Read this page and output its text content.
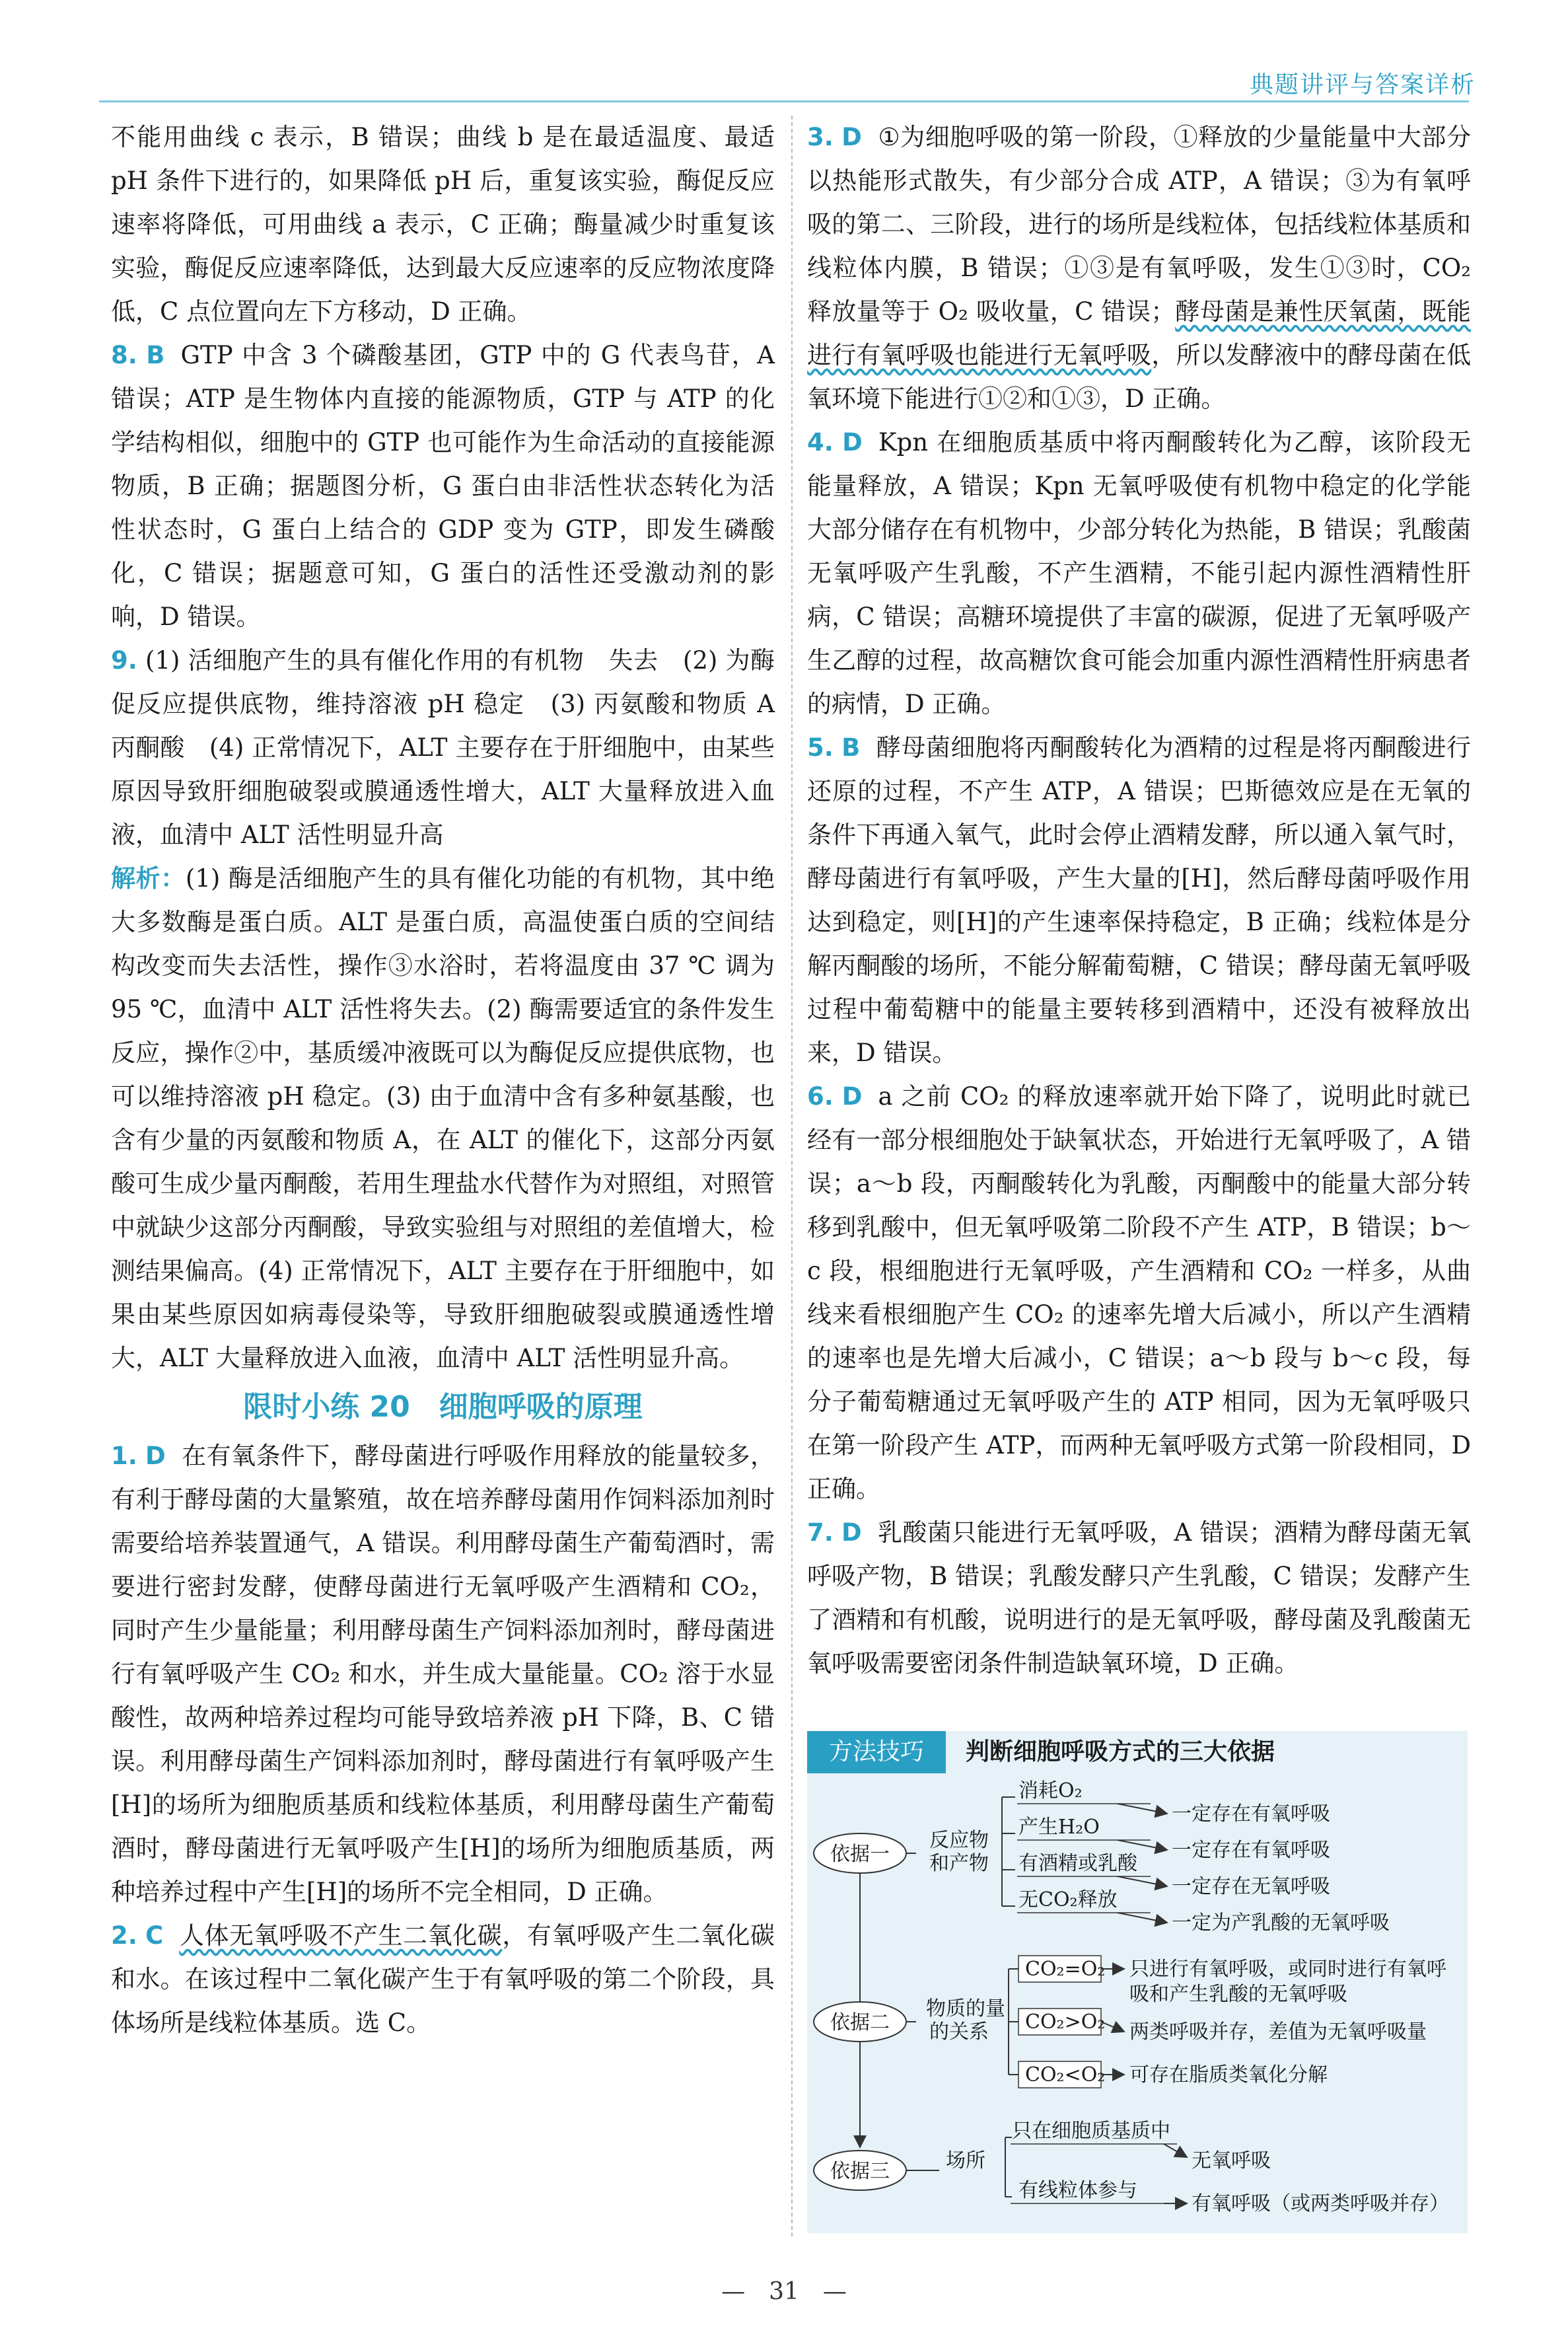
典题讲评与答案详析

不能用曲线 c 表示，B 错误；曲线 b 是在最适温度、最适 pH 条件下进行的，如果降低 pH 后，重复该实验，酶促反应速率将降低，可用曲线 a 表示，C 正确；酶量减少时重复该实验，酶促反应速率降低，达到最大反应速率的反应物浓度降低，C 点位置向左下方移动，D 正确。

8. B GTP 中含 3 个磷酸基团，GTP 中的 G 代表鸟苷，A 错误；ATP 是生物体内直接的能源物质，GTP 与 ATP 的化学结构相似，细胞中的 GTP 也可能作为生命活动的直接能源物质，B 正确；据题图分析，G 蛋白由非活性状态转化为活性状态时，G 蛋白上结合的 GDP 变为 GTP，即发生磷酸化，C 错误；据题意可知，G 蛋白的活性还受激动剂的影响，D 错误。

9. (1) 活细胞产生的具有催化作用的有机物　失去　(2) 为酶促反应提供底物，维持溶液 pH 稳定　(3) 丙氨酸和物质 A　丙酮酸　(4) 正常情况下，ALT 主要存在于肝细胞中，由某些原因导致肝细胞破裂或膜通透性增大，ALT 大量释放进入血液，血清中 ALT 活性明显升高

解析：(1) 酶是活细胞产生的具有催化功能的有机物，其中绝大多数酶是蛋白质。ALT 是蛋白质，高温使蛋白质的空间结构改变而失去活性，操作③水浴时，若将温度由 37 ℃ 调为 95 ℃，血清中 ALT 活性将失去。(2) 酶需要适宜的条件发生反应，操作②中，基质缓冲液既可以为酶促反应提供底物，也可以维持溶液 pH 稳定。(3) 由于血清中含有多种氨基酸，也含有少量的丙氨酸和物质 A，在 ALT 的催化下，这部分丙氨酸可生成少量丙酮酸，若用生理盐水代替作为对照组，对照管中就缺少这部分丙酮酸，导致实验组与对照组的差值增大，检测结果偏高。(4) 正常情况下，ALT 主要存在于肝细胞中，如果由某些原因如病毒侵染等，导致肝细胞破裂或膜通透性增大，ALT 大量释放进入血液，血清中 ALT 活性明显升高。

限时小练 20　细胞呼吸的原理

1. D 在有氧条件下，酵母菌进行呼吸作用释放的能量较多，有利于酵母菌的大量繁殖，故在培养酵母菌用作饲料添加剂时需要给培养装置通气，A 错误。利用酵母菌生产葡萄酒时，需要进行密封发酵，使酵母菌进行无氧呼吸产生酒精和 CO₂，同时产生少量能量；利用酵母菌生产饲料添加剂时，酵母菌进行有氧呼吸产生 CO₂ 和水，并生成大量能量。CO₂ 溶于水显酸性，故两种培养过程均可能导致培养液 pH 下降，B、C 错误。利用酵母菌生产饲料添加剂时，酵母菌进行有氧呼吸产生[H]的场所为细胞质基质和线粒体基质，利用酵母菌生产葡萄酒时，酵母菌进行无氧呼吸产生[H]的场所为细胞质基质，两种培养过程中产生[H]的场所不完全相同，D 正确。

2. C 人体无氧呼吸不产生二氧化碳，有氧呼吸产生二氧化碳和水。在该过程中二氧化碳产生于有氧呼吸的第二个阶段，具体场所是线粒体基质。选 C。

3. D ①为细胞呼吸的第一阶段，①释放的少量能量中大部分以热能形式散失，有少部分合成 ATP，A 错误；③为有氧呼吸的第二、三阶段，进行的场所是线粒体，包括线粒体基质和线粒体内膜，B 错误；①③是有氧呼吸，发生①③时，CO₂ 释放量等于 O₂ 吸收量，C 错误；酵母菌是兼性厌氧菌，既能进行有氧呼吸也能进行无氧呼吸，所以发酵液中的酵母菌在低氧环境下能进行①②和①③，D 正确。

4. D Kpn 在细胞质基质中将丙酮酸转化为乙醇，该阶段无能量释放，A 错误；Kpn 无氧呼吸使有机物中稳定的化学能大部分储存在有机物中，少部分转化为热能，B 错误；乳酸菌无氧呼吸产生乳酸，不产生酒精，不能引起内源性酒精性肝病，C 错误；高糖环境提供了丰富的碳源，促进了无氧呼吸产生乙醇的过程，故高糖饮食可能会加重内源性酒精性肝病患者的病情，D 正确。

5. B 酵母菌细胞将丙酮酸转化为酒精的过程是将丙酮酸进行还原的过程，不产生 ATP，A 错误；巴斯德效应是在无氧的条件下再通入氧气，此时会停止酒精发酵，所以通入氧气时，酵母菌进行有氧呼吸，产生大量的[H]，然后酵母菌呼吸作用达到稳定，则[H]的产生速率保持稳定，B 正确；线粒体是分解丙酮酸的场所，不能分解葡萄糖，C 错误；酵母菌无氧呼吸过程中葡萄糖中的能量主要转移到酒精中，还没有被释放出来，D 错误。

6. D a 之前 CO₂ 的释放速率就开始下降了，说明此时就已经有一部分根细胞处于缺氧状态，开始进行无氧呼吸了，A 错误；a～b 段，丙酮酸转化为乳酸，丙酮酸中的能量大部分转移到乳酸中，但无氧呼吸第二阶段不产生 ATP，B 错误；b～c 段，根细胞进行无氧呼吸，产生酒精和 CO₂ 一样多，从曲线来看根细胞产生 CO₂ 的速率先增大后减小，所以产生酒精的速率也是先增大后减小，C 错误；a～b 段与 b～c 段，每分子葡萄糖通过无氧呼吸产生的 ATP 相同，因为无氧呼吸只在第一阶段产生 ATP，而两种无氧呼吸方式第一阶段相同，D 正确。

7. D 乳酸菌只能进行无氧呼吸，A 错误；酒精为酵母菌无氧呼吸产物，B 错误；乳酸发酵只产生乳酸，C 错误；发酵产生了酒精和有机酸，说明进行的是无氧呼吸，酵母菌及乳酸菌无氧呼吸需要密闭条件制造缺氧环境，D 正确。

方法技巧	判断细胞呼吸方式的三大依据
依据一
反应物
和产物
消耗O₂
产生H₂O
有酒精或乳酸
无CO₂释放
一定存在有氧呼吸
一定存在有氧呼吸
一定存在无氧呼吸
一定为产乳酸的无氧呼吸
依据二
物质的量
的关系
CO₂=O₂
CO₂>O₂
CO₂<O₂
只进行有氧呼吸，或同时进行有氧呼
吸和产生乳酸的无氧呼吸
两类呼吸并存，差值为无氧呼吸量
可存在脂质类氧化分解
依据三	场所
只在细胞质基质中
有线粒体参与
无氧呼吸
有氧呼吸（或两类呼吸并存）
—　31　—
